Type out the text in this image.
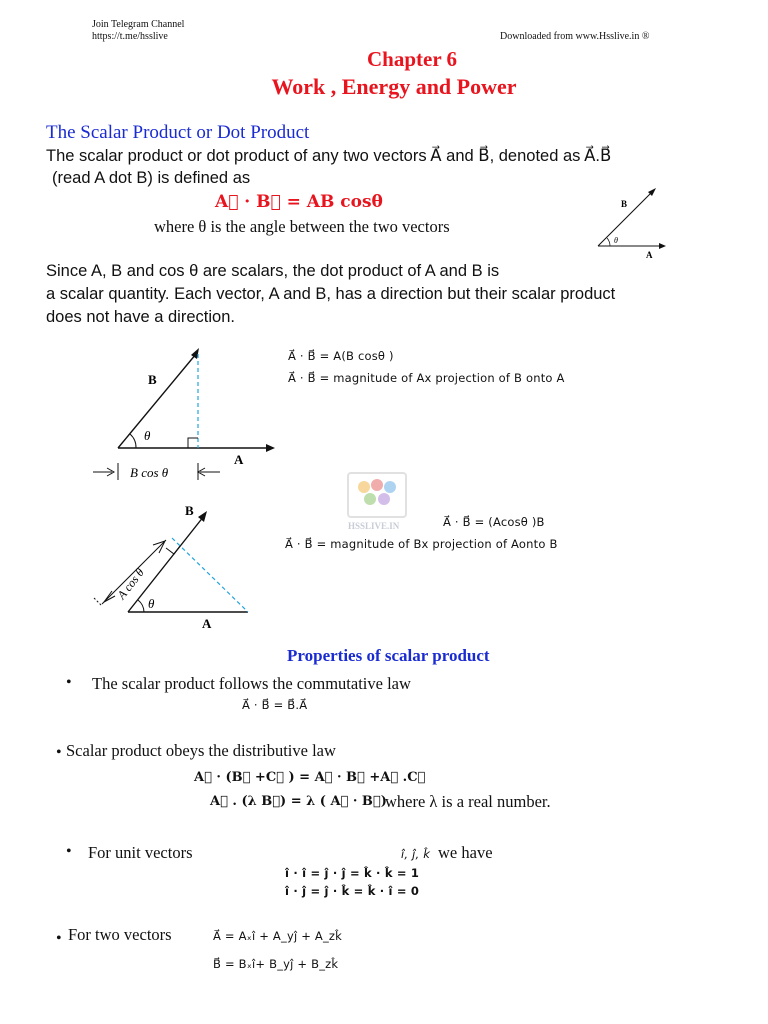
Join Telegram Channel
https://t.me/hsslive	Downloaded from www.Hsslive.in ®
Chapter 6
Work , Energy and Power
The Scalar Product or Dot Product
The scalar product or dot product of any two vectors A⃗ and B⃗, denoted as A⃗.B⃗
(read A dot B) is defined as
A⃗ · B⃗ = AB cosθ
where θ is the angle between the two vectors
B
A
θ
Since A, B and cos θ are scalars, the dot product of A and B is
a scalar quantity. Each vector, A and B, has a direction but their scalar product
does not have a direction.
B
A
θ
B cos θ
A⃗ · B⃗ = A(B cosθ )
A⃗ · B⃗ = magnitude of Ax projection of B onto A
HSSLIVE.IN
B
A
θ
A cos θ
A⃗ · B⃗ = (Acosθ )B
A⃗ · B⃗ = magnitude of Bx projection of Aonto B
Properties of scalar product
• The scalar product follows the commutative law
A⃗ · B⃗ = B⃗.A⃗
• Scalar product obeys the distributive law
A⃗ · (B⃗ +C⃗ ) = A⃗ · B⃗ +A⃗ .C⃗
A⃗ . (λ B⃗) = λ ( A⃗ · B⃗)
where λ is a real number.
• For unit vectors	ı̂, ȷ̂, k̂ we have
ı̂ · ı̂ = ȷ̂ · ȷ̂ = k̂ · k̂ = 1
ı̂ · ȷ̂ = ȷ̂ · k̂ = k̂ · ı̂ = 0
• For two vectors	A⃗ = Aₓı̂ + A_yȷ̂ + A_zk̂
B⃗ = Bₓı̂+ B_yȷ̂ + B_zk̂
